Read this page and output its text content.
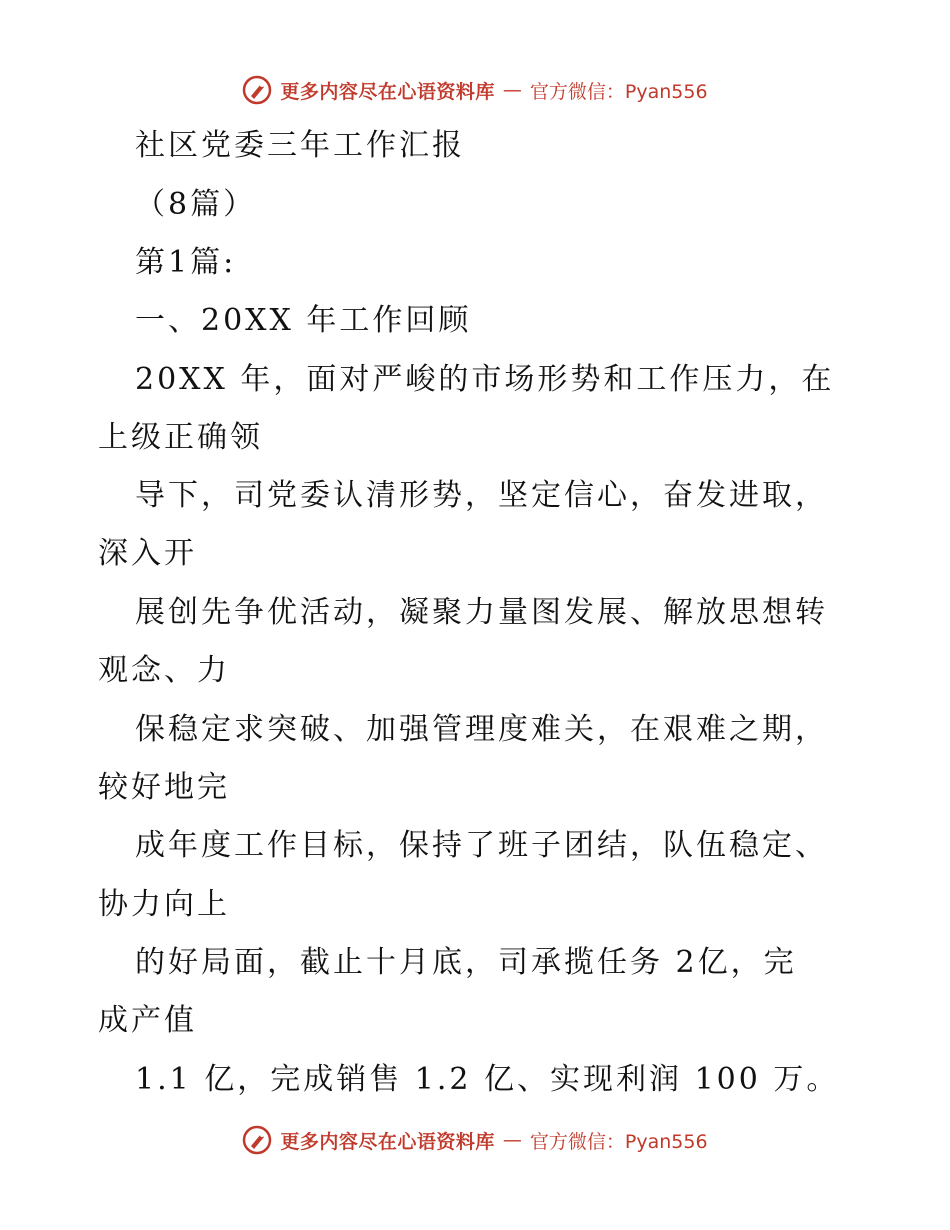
更多内容尽在心语资料库 — 官方微信：Pyan556
社区党委三年工作汇报
（8篇）
第1篇:
一、20XX 年工作回顾
20XX 年，面对严峻的市场形势和工作压力，在
上级正确领
导下，司党委认清形势，坚定信心，奋发进取，
深入开
展创先争优活动，凝聚力量图发展、解放思想转
观念、力
保稳定求突破、加强管理度难关，在艰难之期，
较好地完
成年度工作目标，保持了班子团结，队伍稳定、
协力向上
的好局面，截止十月底，司承揽任务 2亿，完
成产值
1.1 亿，完成销售 1.2 亿、实现利润 100 万。
更多内容尽在心语资料库 — 官方微信：Pyan556
